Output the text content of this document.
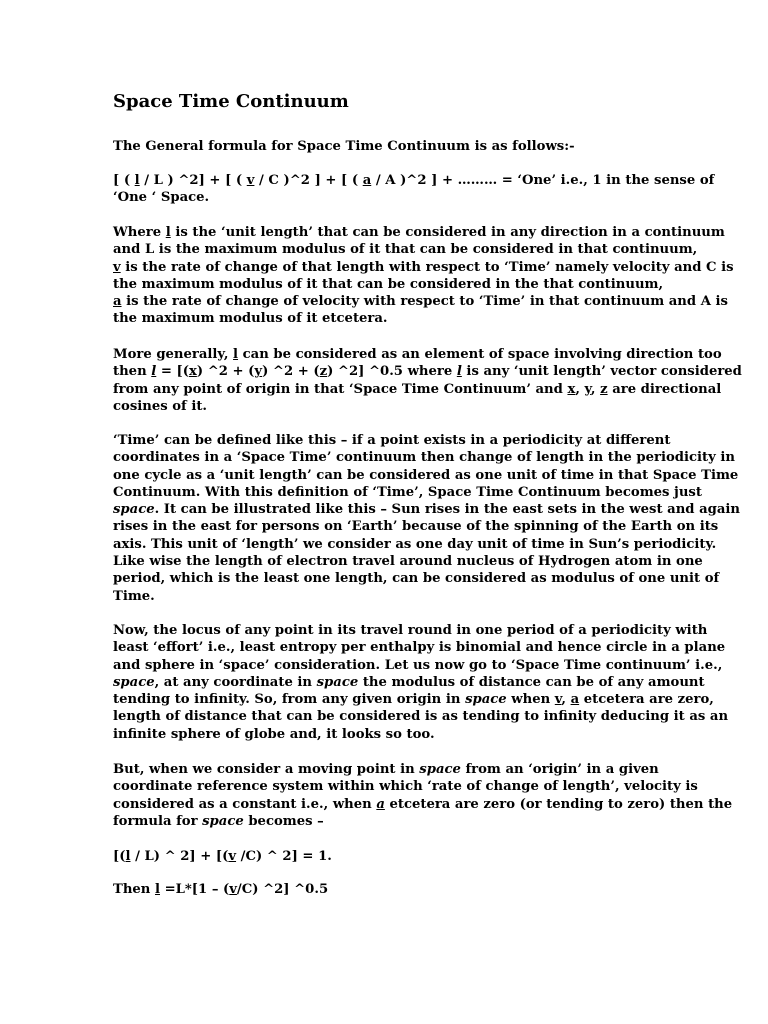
Space Time Continuum
The General formula for Space Time Continuum is as follows:-
[ ( l / L ) ^2] + [ ( v / C )^2 ] + [ ( a / A )^2 ] + ……… = ‘One’ i.e., 1 in the sense of
‘One ‘ Space.
Where l is the ‘unit length’ that can be considered in any direction in a continuum
and L is the maximum modulus of it that can be considered in that continuum,
v is the rate of change of that length with respect to ‘Time’ namely velocity and C is
the maximum modulus of it that can be considered in the that continuum,
a is the rate of change of velocity with respect to ‘Time’ in that continuum and A is
the maximum modulus of it etcetera.
More generally, l can be considered as an element of space involving direction too
then l = [(x) ^2 + (y) ^2 + (z) ^2] ^0.5 where l is any ‘unit length’ vector considered
from any point of origin in that ‘Space Time Continuum’ and x, y, z are directional
cosines of it.
‘Time’ can be defined like this – if a point exists in a periodicity at different
coordinates in a ‘Space Time’ continuum then change of length in the periodicity in
one cycle as a ‘unit length’ can be considered as one unit of time in that Space Time
Continuum. With this definition of ‘Time’, Space Time Continuum becomes just
space. It can be illustrated like this – Sun rises in the east sets in the west and again
rises in the east for persons on ‘Earth’ because of the spinning of the Earth on its
axis. This unit of ‘length’ we consider as one day unit of time in Sun’s periodicity.
Like wise the length of electron travel around nucleus of Hydrogen atom in one
period, which is the least one length, can be considered as modulus of one unit of
Time.
Now, the locus of any point in its travel round in one period of a periodicity with
least ‘effort’ i.e., least entropy per enthalpy is binomial and hence circle in a plane
and sphere in ‘space’ consideration. Let us now go to ‘Space Time continuum’ i.e.,
space, at any coordinate in space the modulus of distance can be of any amount
tending to infinity. So, from any given origin in space when v, a etcetera are zero,
length of distance that can be considered is as tending to infinity deducing it as an
infinite sphere of globe and, it looks so too.
But, when we consider a moving point in space from an ‘origin’ in a given
coordinate reference system within which ‘rate of change of length’, velocity is
considered as a constant i.e., when a etcetera are zero (or tending to zero) then the
formula for space becomes –
[(l / L) ^ 2] + [(v /C) ^ 2] = 1.
Then l =L*[1 – (v/C) ^2] ^0.5
